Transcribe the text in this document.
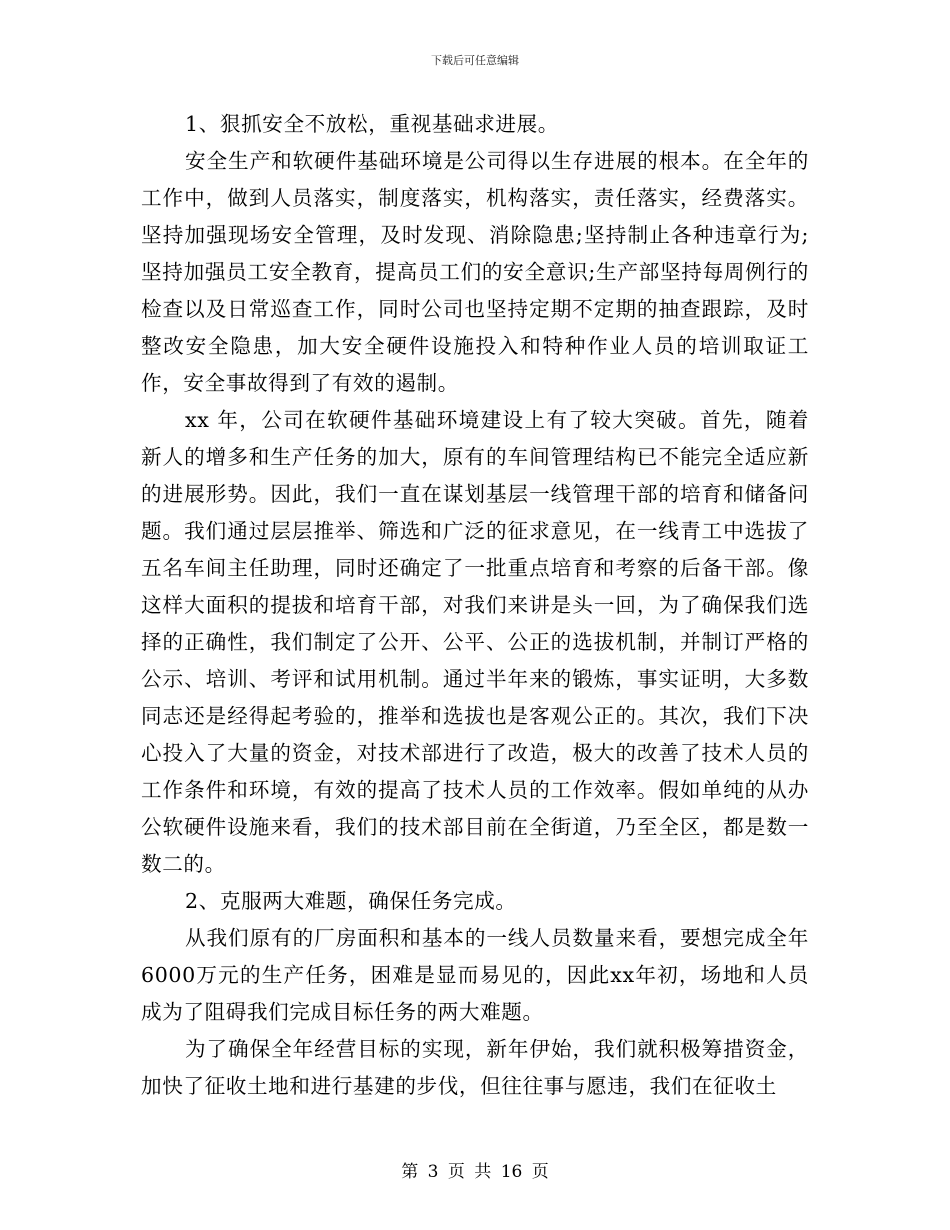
下载后可任意编辑

1、狠抓安全不放松，重视基础求进展。

安全生产和软硬件基础环境是公司得以生存进展的根本。在全年的工作中，做到人员落实，制度落实，机构落实，责任落实，经费落实。坚持加强现场安全管理，及时发现、消除隐患;坚持制止各种违章行为;坚持加强员工安全教育，提高员工们的安全意识;生产部坚持每周例行的检查以及日常巡查工作，同时公司也坚持定期不定期的抽查跟踪，及时整改安全隐患，加大安全硬件设施投入和特种作业人员的培训取证工作，安全事故得到了有效的遏制。

xx 年，公司在软硬件基础环境建设上有了较大突破。首先，随着新人的增多和生产任务的加大，原有的车间管理结构已不能完全适应新的进展形势。因此，我们一直在谋划基层一线管理干部的培育和储备问题。我们通过层层推举、筛选和广泛的征求意见，在一线青工中选拔了五名车间主任助理，同时还确定了一批重点培育和考察的后备干部。像这样大面积的提拔和培育干部，对我们来讲是头一回，为了确保我们选择的正确性，我们制定了公开、公平、公正的选拔机制，并制订严格的公示、培训、考评和试用机制。通过半年来的锻炼，事实证明，大多数同志还是经得起考验的，推举和选拔也是客观公正的。其次，我们下决心投入了大量的资金，对技术部进行了改造，极大的改善了技术人员的工作条件和环境，有效的提高了技术人员的工作效率。假如单纯的从办公软硬件设施来看，我们的技术部目前在全街道，乃至全区，都是数一数二的。

2、克服两大难题，确保任务完成。

从我们原有的厂房面积和基本的一线人员数量来看，要想完成全年6000万元的生产任务，困难是显而易见的，因此xx年初，场地和人员成为了阻碍我们完成目标任务的两大难题。

为了确保全年经营目标的实现，新年伊始，我们就积极筹措资金，加快了征收土地和进行基建的步伐，但往往事与愿违，我们在征收土

第 3 页 共 16 页
